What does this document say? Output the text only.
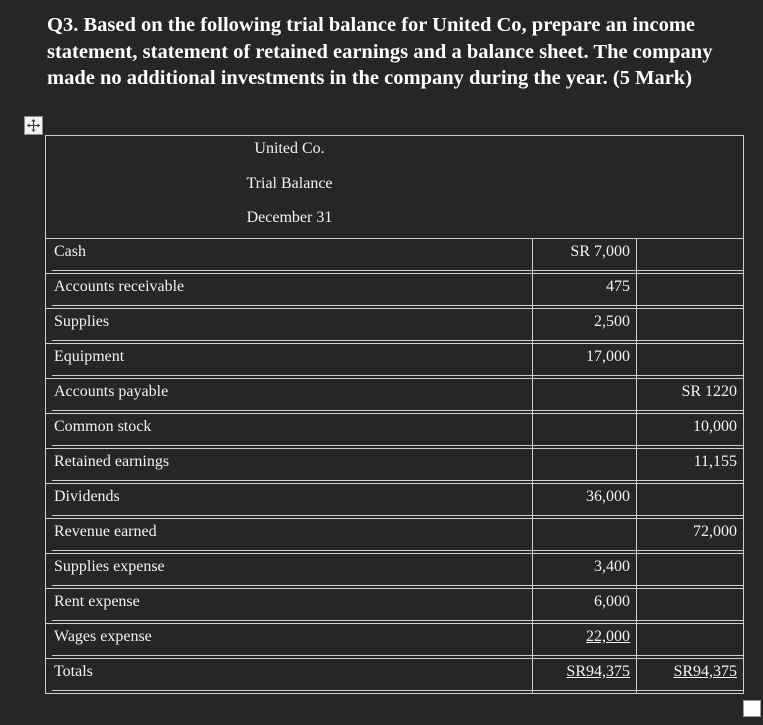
Q3. Based on the following trial balance for United Co, prepare an income statement, statement of retained earnings and a balance sheet. The company made no additional investments in the company during the year. (5 Mark)

United Co.
Trial Balance
December 31		

Cash	SR 7,000	
Accounts receivable	475	
Supplies	2,500	
Equipment	17,000	
Accounts payable		SR 1220
Common stock		10,000
Retained earnings		11,155
Dividends	36,000	
Revenue earned		72,000
Supplies expense	3,400	
Rent expense	6,000	
Wages expense	22,000	
Totals	SR94,375	SR94,375
